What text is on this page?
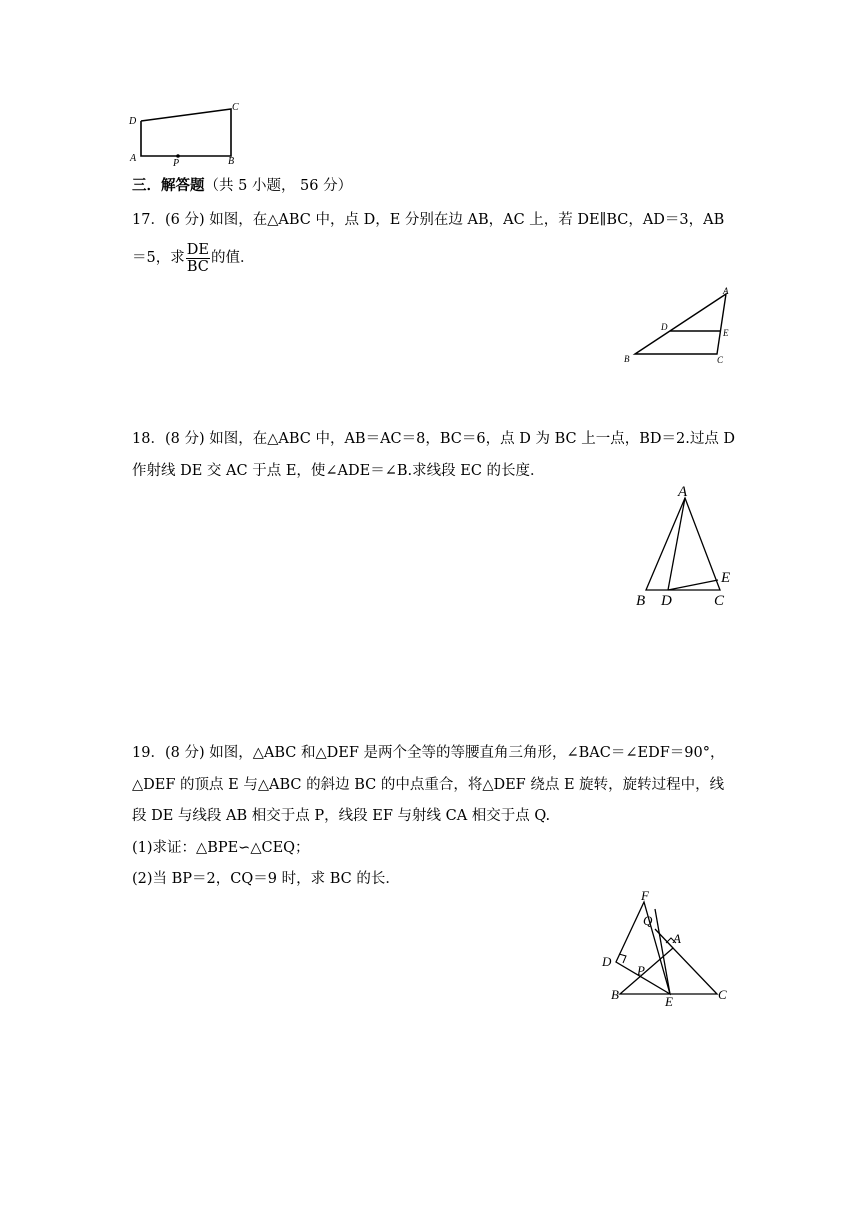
D
C
A	P	B
三．解答题（共 5 小题， 56 分）
17．(6 分) 如图，在△ABC 中，点 D，E 分别在边 AB，AC 上，若 DE∥BC，AD＝3，AB
＝5，求 $\frac{DE}{BC}$ 的值．
A
D
E
B	C
18．(8 分) 如图，在△ABC 中，AB＝AC＝8，BC＝6，点 D 为 BC 上一点，BD＝2.过点 D
作射线 DE 交 AC 于点 E，使∠ADE＝∠B.求线段 EC 的长度．
A
B D	C
E
19．(8 分) 如图，△ABC 和△DEF 是两个全等的等腰直角三角形，∠BAC＝∠EDF＝90°，
△DEF 的顶点 E 与△ABC 的斜边 BC 的中点重合，将△DEF 绕点 E 旋转，旋转过程中，线
段 DE 与线段 AB 相交于点 P，线段 EF 与射线 CA 相交于点 Q.
(1)求证：△BPE∽△CEQ；
(2)当 BP＝2，CQ＝9 时，求 BC 的长．
F
Q
A
D
P
B	E	C
